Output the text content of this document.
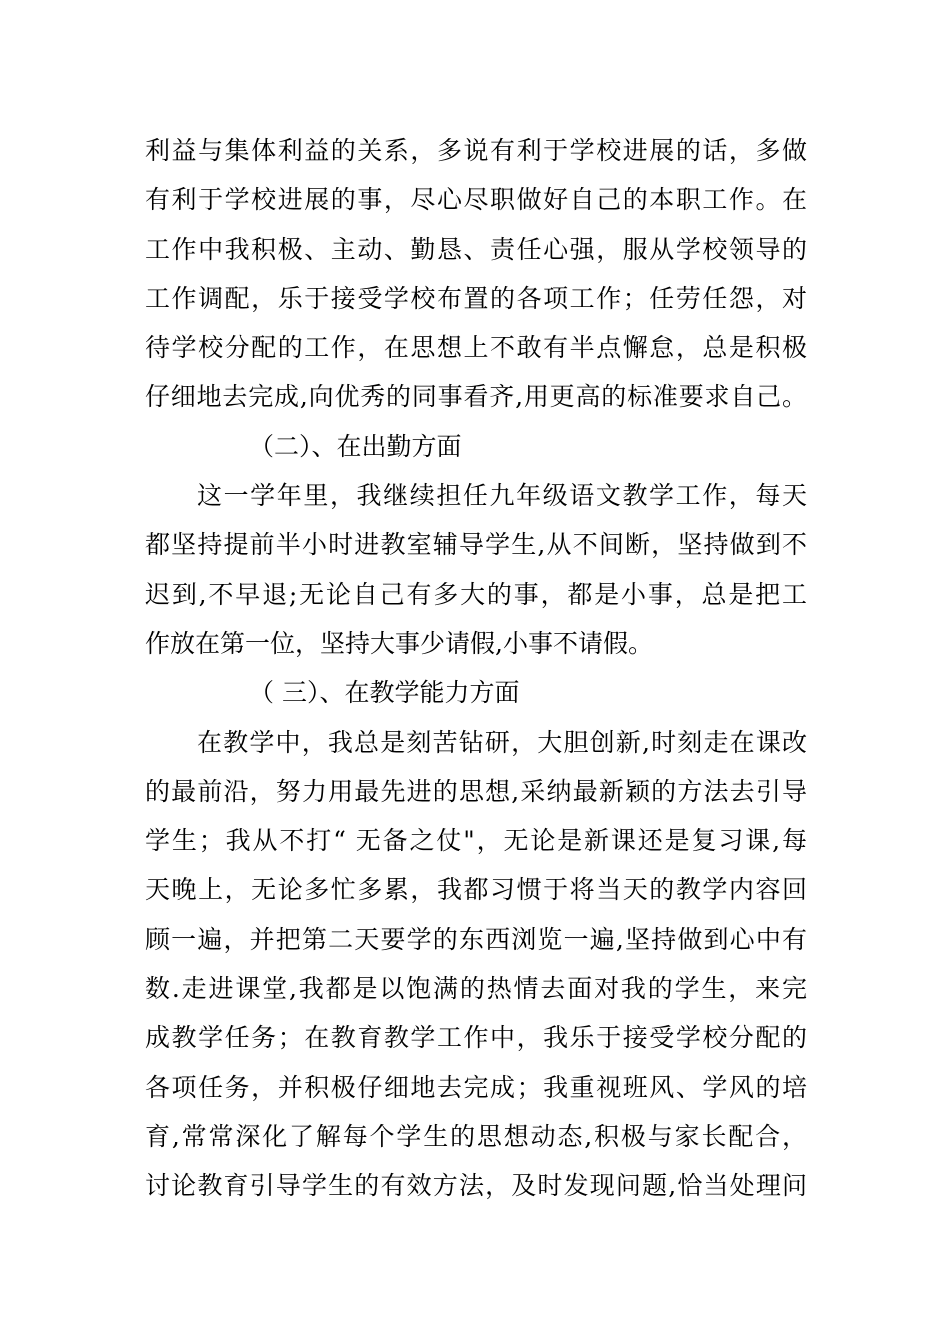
利益与集体利益的关系，多说有利于学校进展的话，多做
有利于学校进展的事，尽心尽职做好自己的本职工作。在
工作中我积极、主动、勤恳、责任心强，服从学校领导的
工作调配，乐于接受学校布置的各项工作；任劳任怨，对
待学校分配的工作，在思想上不敢有半点懈怠，总是积极
仔细地去完成,向优秀的同事看齐,用更高的标准要求自己。
（二）、在出勤方面
这一学年里，我继续担任九年级语文教学工作，每天
都坚持提前半小时进教室辅导学生,从不间断，坚持做到不
迟到,不早退;无论自己有多大的事，都是小事，总是把工
作放在第一位，坚持大事少请假,小事不请假。
（ 三）、在教学能力方面
在教学中，我总是刻苦钻研，大胆创新,时刻走在课改
的最前沿，努力用最先进的思想,采纳最新颖的方法去引导
学生；我从不打“ 无备之仗"，无论是新课还是复习课,每
天晚上，无论多忙多累，我都习惯于将当天的教学内容回
顾一遍，并把第二天要学的东西浏览一遍,坚持做到心中有
数.走进课堂,我都是以饱满的热情去面对我的学生，来完
成教学任务；在教育教学工作中，我乐于接受学校分配的
各项任务，并积极仔细地去完成；我重视班风、学风的培
育,常常深化了解每个学生的思想动态,积极与家长配合，
讨论教育引导学生的有效方法，及时发现问题,恰当处理问
